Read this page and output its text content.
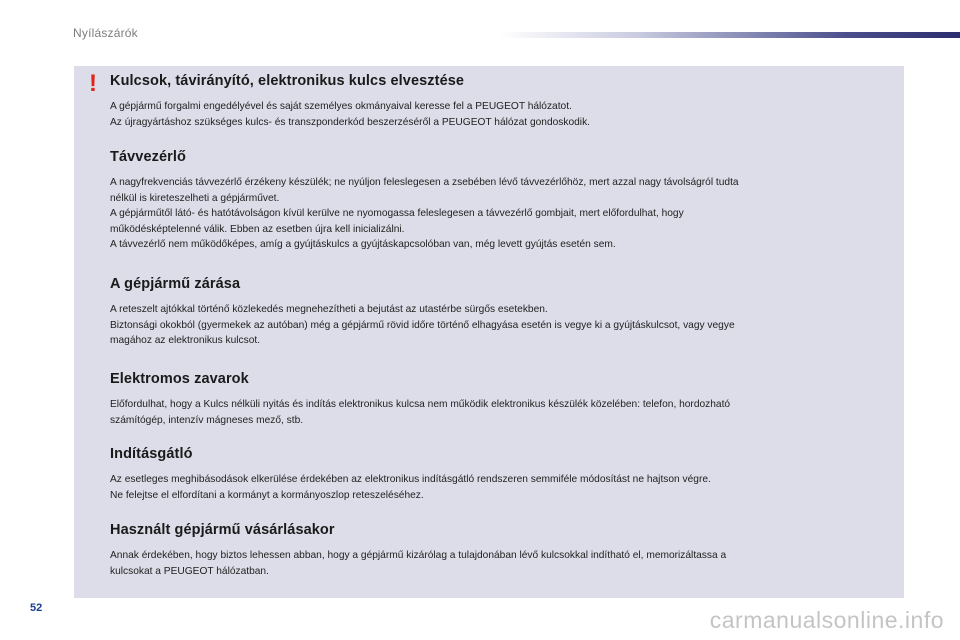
Nyílászárók
! Kulcsok, távirányító, elektronikus kulcs elvesztése

A gépjármű forgalmi engedélyével és saját személyes okmányaival keresse fel a PEUGEOT hálózatot.
Az újragyártáshoz szükséges kulcs- és transzponderkód beszerzéséről a PEUGEOT hálózat gondoskodik.

Távvezérlő

A nagyfrekvenciás távvezérlő érzékeny készülék; ne nyúljon feleslegesen a zsebében lévő távvezérlőhöz, mert azzal nagy távolságról tudta
nélkül is kireteszelheti a gépjárművet.
A gépjárműtől látó- és hatótávolságon kívül kerülve ne nyomogassa feleslegesen a távvezérlő gombjait, mert előfordulhat, hogy
működésképtelenné válik. Ebben az esetben újra kell inicializálni.
A távvezérlő nem működőképes, amíg a gyújtáskulcs a gyújtáskapcsolóban van, még levett gyújtás esetén sem.

A gépjármű zárása

A reteszelt ajtókkal történő közlekedés megnehezítheti a bejutást az utastérbe sürgős esetekben.
Biztonsági okokból (gyermekek az autóban) még a gépjármű rövid időre történő elhagyása esetén is vegye ki a gyújtáskulcsot, vagy vegye
magához az elektronikus kulcsot.

Elektromos zavarok

Előfordulhat, hogy a Kulcs nélküli nyitás és indítás elektronikus kulcsa nem működik elektronikus készülék közelében: telefon, hordozható
számítógép, intenzív mágneses mező, stb.

Indításgátló

Az esetleges meghibásodások elkerülése érdekében az elektronikus indításgátló rendszeren semmiféle módosítást ne hajtson végre.
Ne felejtse el elfordítani a kormányt a kormányoszlop reteszeléséhez.

Használt gépjármű vásárlásakor

Annak érdekében, hogy biztos lehessen abban, hogy a gépjármű kizárólag a tulajdonában lévő kulcsokkal indítható el, memorizáltassa a
kulcsokat a PEUGEOT hálózatban.

52	carmanualsonline.info
